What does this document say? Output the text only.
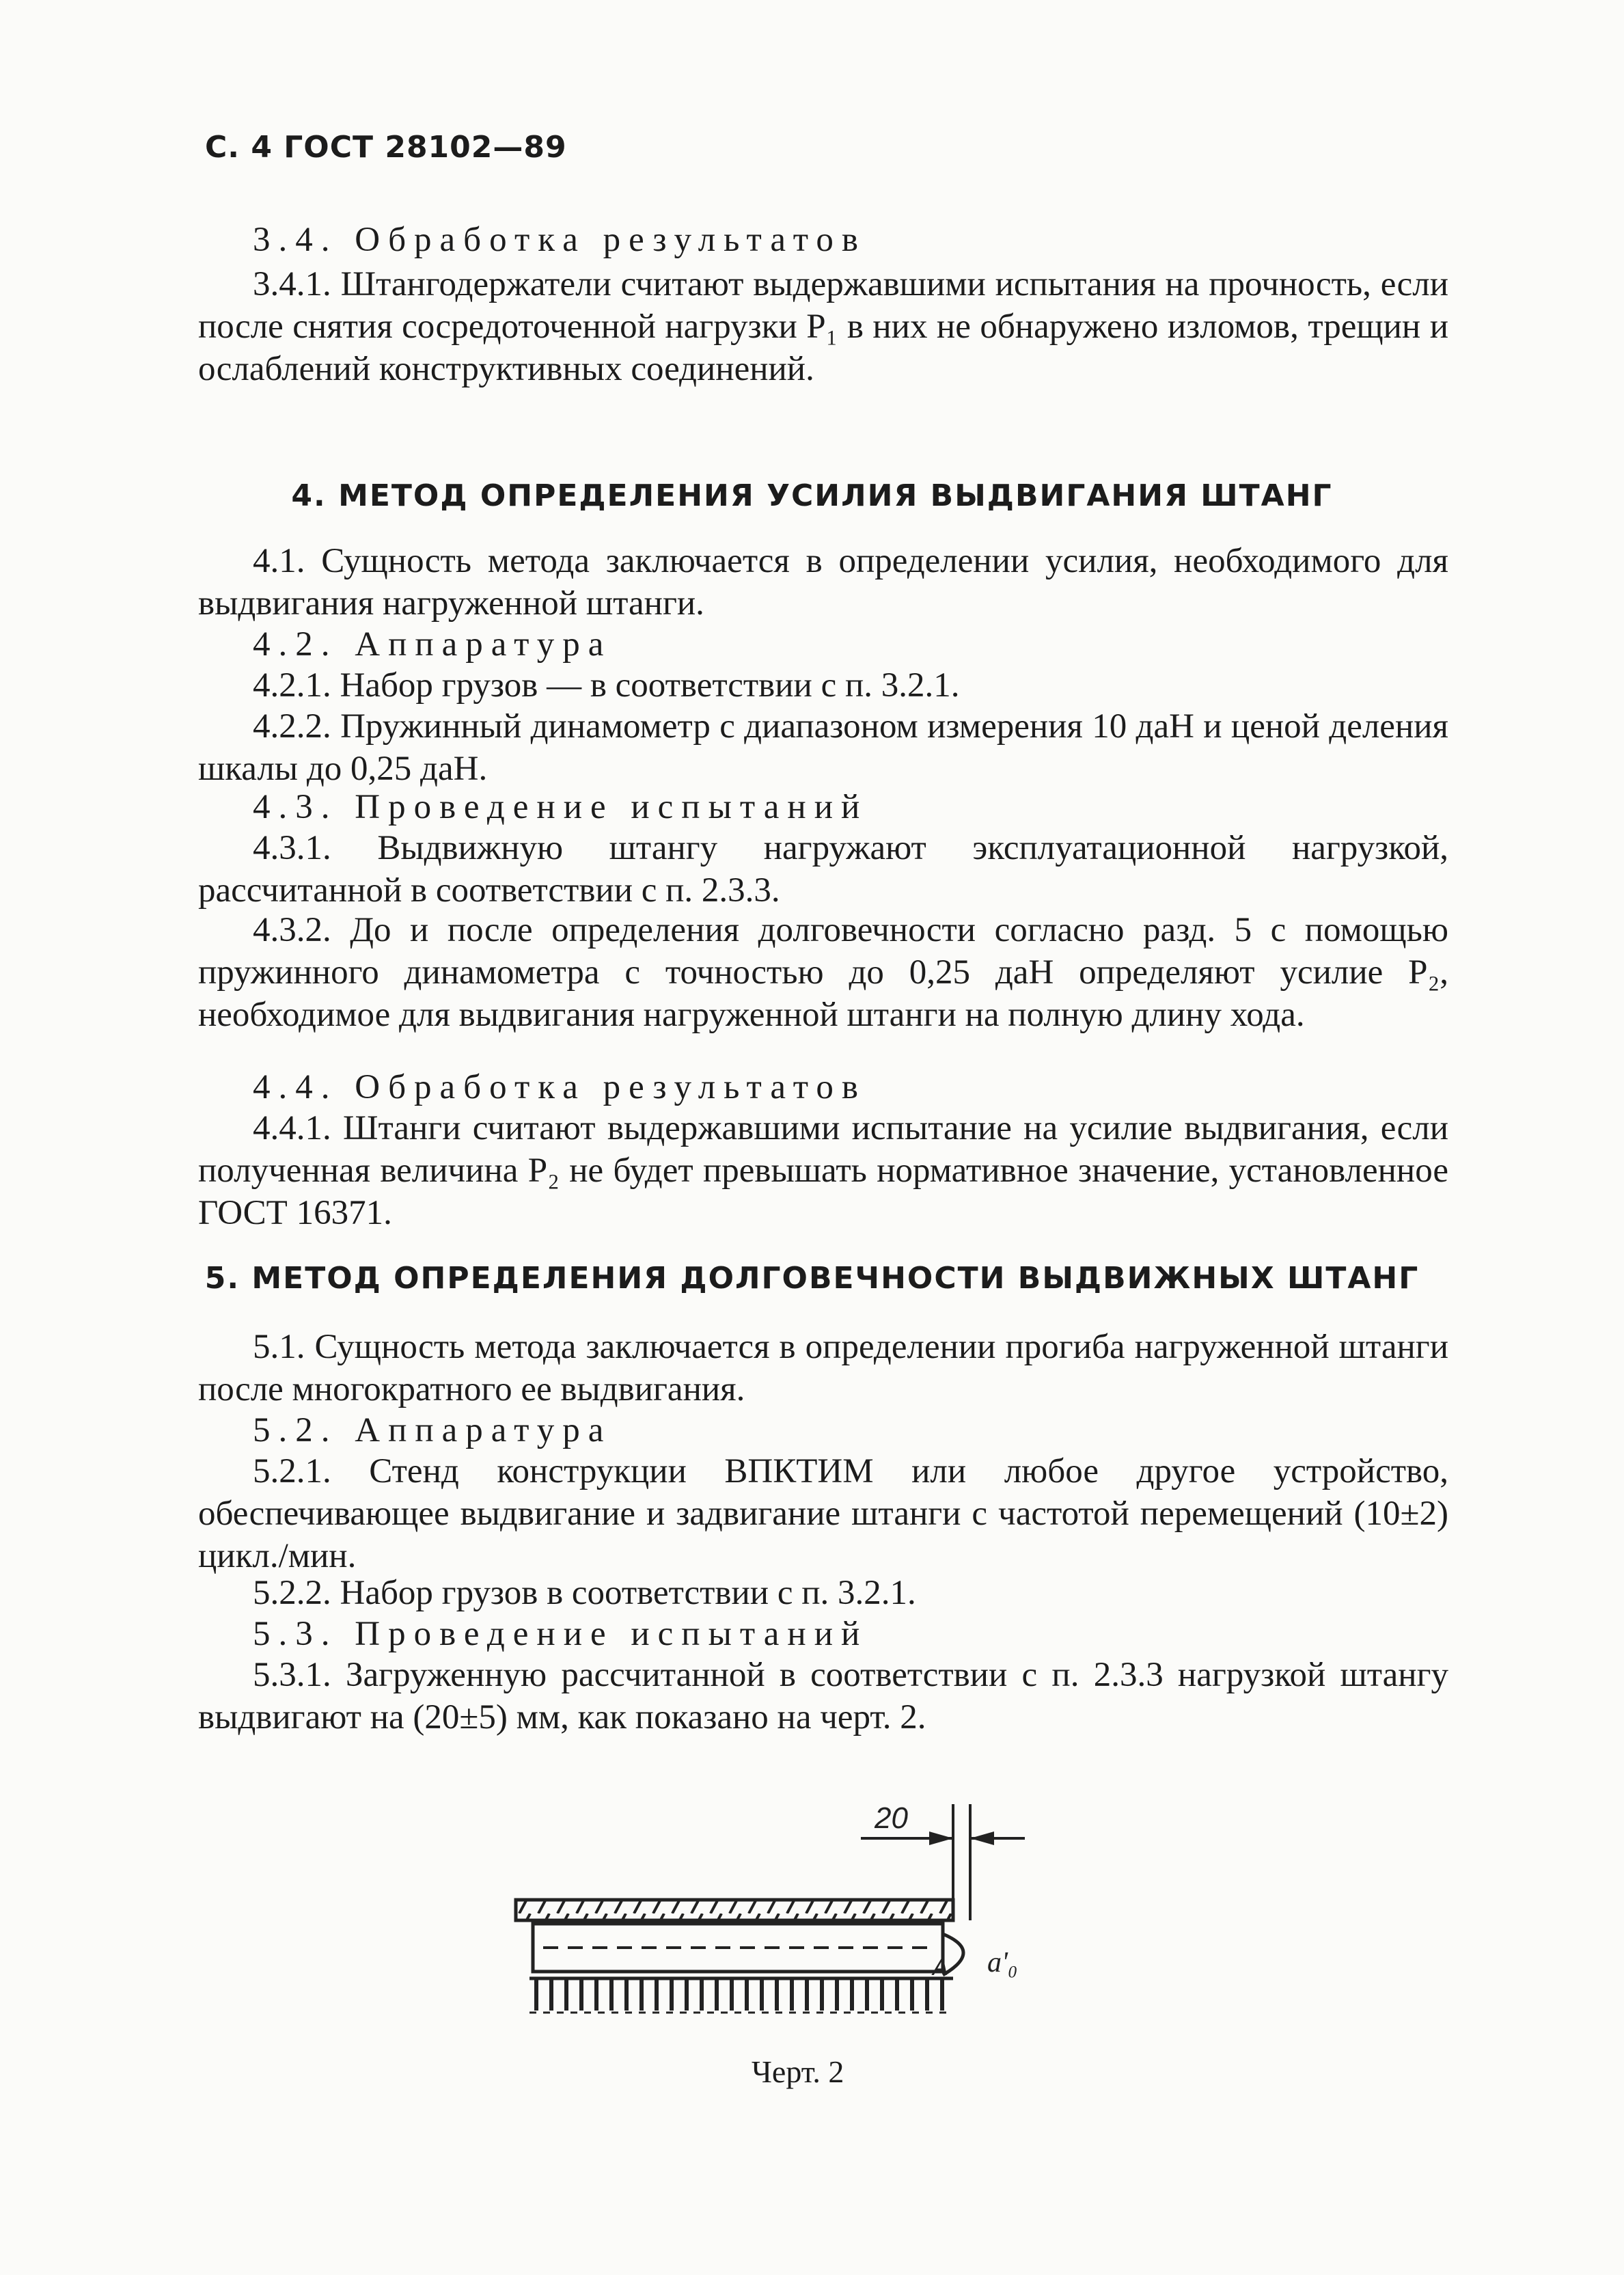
С. 4 ГОСТ 28102—89

3.4. Обработка результатов

3.4.1. Штангодержатели считают выдержавшими испытания на прочность, если после снятия сосредоточенной нагрузки P₁ в них не обнаружено изломов, трещин и ослаблений конструктивных соединений.

4. МЕТОД ОПРЕДЕЛЕНИЯ УСИЛИЯ ВЫДВИГАНИЯ ШТАНГ

4.1. Сущность метода заключается в определении усилия, необходимого для выдвигания нагруженной штанги.

4.2. Аппаратура

4.2.1. Набор грузов — в соответствии с п. 3.2.1.

4.2.2. Пружинный динамометр с диапазоном измерения 10 даН и ценой деления шкалы до 0,25 даН.

4.3. Проведение испытаний

4.3.1. Выдвижную штангу нагружают эксплуатационной нагрузкой, рассчитанной в соответствии с п. 2.3.3.

4.3.2. До и после определения долговечности согласно разд. 5 с помощью пружинного динамометра с точностью до 0,25 даН определяют усилие P₂, необходимое для выдвигания нагруженной штанги на полную длину хода.

4.4. Обработка результатов

4.4.1. Штанги считают выдержавшими испытание на усилие выдвигания, если полученная величина P₂ не будет превышать нормативное значение, установленное ГОСТ 16371.

5. МЕТОД ОПРЕДЕЛЕНИЯ ДОЛГОВЕЧНОСТИ ВЫДВИЖНЫХ ШТАНГ

5.1. Сущность метода заключается в определении прогиба нагруженной штанги после многократного ее выдвигания.

5.2. Аппаратура

5.2.1. Стенд конструкции ВПКТИМ или любое другое устройство, обеспечивающее выдвигание и задвигание штанги с частотой перемещений (10±2) цикл./мин.

5.2.2. Набор грузов в соответствии с п. 3.2.1.

5.3. Проведение испытаний

5.3.1. Загруженную рассчитанной в соответствии с п. 2.3.3 нагрузкой штангу выдвигают на (20±5) мм, как показано на черт. 2.

20
A a'₀
Черт. 2
